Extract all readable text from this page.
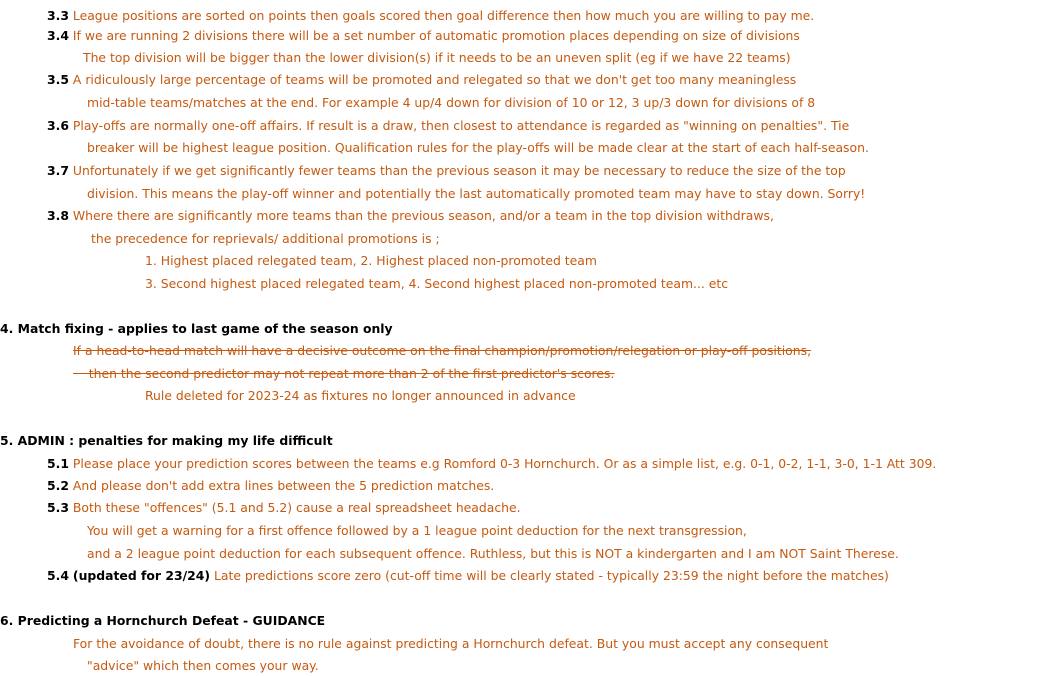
3.3 League positions are sorted on points then goals scored then goal difference then how much you are willing to pay me.
3.4 If we are running 2 divisions there will be a set number of automatic promotion places depending on size of divisions
The top division will be bigger than the lower division(s) if it needs to be an uneven split (eg if we have 22 teams)
3.5 A ridiculously large percentage of teams will be promoted and relegated so that we don't get too many meaningless
mid-table teams/matches at the end. For example 4 up/4 down for division of 10 or 12, 3 up/3 down for divisions of 8
3.6 Play-offs are normally one-off affairs. If result is a draw, then closest to attendance is regarded as "winning on penalties". Tie
breaker will be highest league position. Qualification rules for the play-offs will be made clear at the start of each half-season.
3.7 Unfortunately if we get significantly fewer teams than the previous season it may be necessary to reduce the size of the top
division. This means the play-off winner and potentially the last automatically promoted team may have to stay down. Sorry!
3.8 Where there are significantly more teams than the previous season, and/or a team in the top division withdraws,
the precedence for reprievals/ additional promotions is ;
1. Highest placed relegated team, 2. Highest placed non-promoted team
3. Second highest placed relegated team, 4. Second highest placed non-promoted team... etc
4. Match fixing - applies to last game of the season only
If a head-to-head match will have a decisive outcome on the final champion/promotion/relegation or play-off positions,
then the second predictor may not repeat more than 2 of the first predictor's scores.
Rule deleted for 2023-24 as fixtures no longer announced in advance
5. ADMIN : penalties for making my life difficult
5.1 Please place your prediction scores between the teams e.g Romford 0-3 Hornchurch. Or as a simple list, e.g. 0-1, 0-2, 1-1, 3-0, 1-1 Att 309.
5.2 And please don't add extra lines between the 5 prediction matches.
5.3 Both these "offences" (5.1 and 5.2) cause a real spreadsheet headache.
You will get a warning for a first offence followed by a 1 league point deduction for the next transgression,
and a 2 league point deduction for each subsequent offence. Ruthless, but this is NOT a kindergarten and I am NOT Saint Therese.
5.4 (updated for 23/24) Late predictions score zero (cut-off time will be clearly stated - typically 23:59 the night before the matches)
6. Predicting a Hornchurch Defeat - GUIDANCE
For the avoidance of doubt, there is no rule against predicting a Hornchurch defeat. But you must accept any consequent
"advice" which then comes your way.
